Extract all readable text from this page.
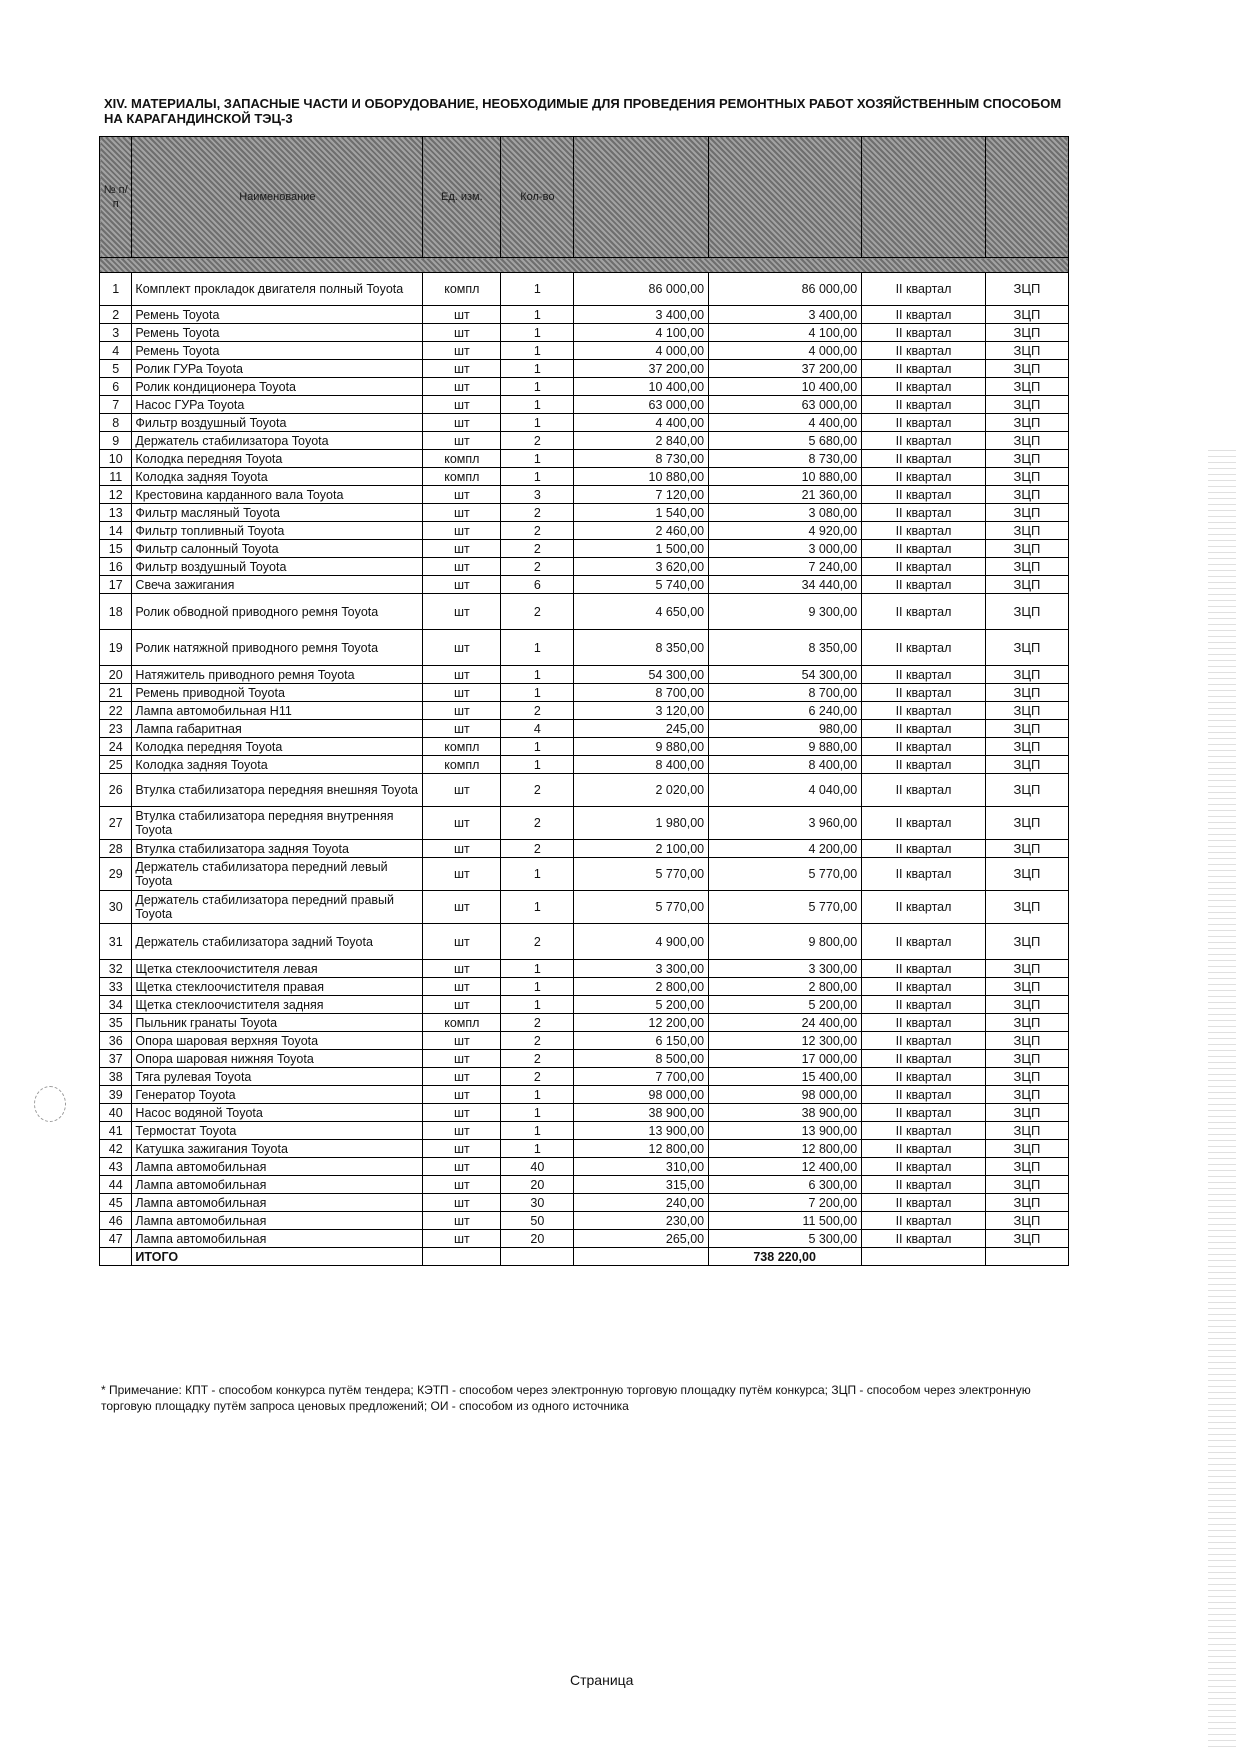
XIV. МАТЕРИАЛЫ, ЗАПАСНЫЕ ЧАСТИ И ОБОРУДОВАНИЕ, НЕОБХОДИМЫЕ ДЛЯ ПРОВЕДЕНИЯ РЕМОНТНЫХ РАБОТ ХОЗЯЙСТВЕННЫМ СПОСОБОМ НА КАРАГАНДИНСКОЙ ТЭЦ-3
№ п/п	Наименование	Ед. изм.	Кол-во				

1	Комплект прокладок двигателя полный Toyota	компл	1	86 000,00	86 000,00	II квартал	ЗЦП
2	Ремень Toyota	шт	1	3 400,00	3 400,00	II квартал	ЗЦП
3	Ремень Toyota	шт	1	4 100,00	4 100,00	II квартал	ЗЦП
4	Ремень Toyota	шт	1	4 000,00	4 000,00	II квартал	ЗЦП
5	Ролик ГУРа Toyota	шт	1	37 200,00	37 200,00	II квартал	ЗЦП
6	Ролик кондиционера Toyota	шт	1	10 400,00	10 400,00	II квартал	ЗЦП
7	Насос ГУРа Toyota	шт	1	63 000,00	63 000,00	II квартал	ЗЦП
8	Фильтр воздушный Toyota	шт	1	4 400,00	4 400,00	II квартал	ЗЦП
9	Держатель стабилизатора Toyota	шт	2	2 840,00	5 680,00	II квартал	ЗЦП
10	Колодка передняя Toyota	компл	1	8 730,00	8 730,00	II квартал	ЗЦП
11	Колодка задняя Toyota	компл	1	10 880,00	10 880,00	II квартал	ЗЦП
12	Крестовина карданного вала Toyota	шт	3	7 120,00	21 360,00	II квартал	ЗЦП
13	Фильтр масляный Toyota	шт	2	1 540,00	3 080,00	II квартал	ЗЦП
14	Фильтр топливный Toyota	шт	2	2 460,00	4 920,00	II квартал	ЗЦП
15	Фильтр салонный Toyota	шт	2	1 500,00	3 000,00	II квартал	ЗЦП
16	Фильтр воздушный Toyota	шт	2	3 620,00	7 240,00	II квартал	ЗЦП
17	Свеча зажигания	шт	6	5 740,00	34 440,00	II квартал	ЗЦП
18	Ролик обводной приводного ремня Toyota	шт	2	4 650,00	9 300,00	II квартал	ЗЦП
19	Ролик натяжной приводного ремня Toyota	шт	1	8 350,00	8 350,00	II квартал	ЗЦП
20	Натяжитель приводного ремня Toyota	шт	1	54 300,00	54 300,00	II квартал	ЗЦП
21	Ремень приводной Toyota	шт	1	8 700,00	8 700,00	II квартал	ЗЦП
22	Лампа автомобильная Н11	шт	2	3 120,00	6 240,00	II квартал	ЗЦП
23	Лампа габаритная	шт	4	245,00	980,00	II квартал	ЗЦП
24	Колодка передняя Toyota	компл	1	9 880,00	9 880,00	II квартал	ЗЦП
25	Колодка задняя Toyota	компл	1	8 400,00	8 400,00	II квартал	ЗЦП
26	Втулка стабилизатора передняя внешняя Toyota	шт	2	2 020,00	4 040,00	II квартал	ЗЦП
27	Втулка стабилизатора передняя внутренняя Toyota	шт	2	1 980,00	3 960,00	II квартал	ЗЦП
28	Втулка стабилизатора задняя Toyota	шт	2	2 100,00	4 200,00	II квартал	ЗЦП
29	Держатель стабилизатора передний левый Toyota	шт	1	5 770,00	5 770,00	II квартал	ЗЦП
30	Держатель стабилизатора передний правый Toyota	шт	1	5 770,00	5 770,00	II квартал	ЗЦП
31	Держатель стабилизатора задний Toyota	шт	2	4 900,00	9 800,00	II квартал	ЗЦП
32	Щетка стеклоочистителя левая	шт	1	3 300,00	3 300,00	II квартал	ЗЦП
33	Щетка стеклоочистителя правая	шт	1	2 800,00	2 800,00	II квартал	ЗЦП
34	Щетка стеклоочистителя задняя	шт	1	5 200,00	5 200,00	II квартал	ЗЦП
35	Пыльник гранаты Toyota	компл	2	12 200,00	24 400,00	II квартал	ЗЦП
36	Опора шаровая верхняя Toyota	шт	2	6 150,00	12 300,00	II квартал	ЗЦП
37	Опора шаровая нижняя Toyota	шт	2	8 500,00	17 000,00	II квартал	ЗЦП
38	Тяга рулевая Toyota	шт	2	7 700,00	15 400,00	II квартал	ЗЦП
39	Генератор Toyota	шт	1	98 000,00	98 000,00	II квартал	ЗЦП
40	Насос водяной Toyota	шт	1	38 900,00	38 900,00	II квартал	ЗЦП
41	Термостат Toyota	шт	1	13 900,00	13 900,00	II квартал	ЗЦП
42	Катушка зажигания Toyota	шт	1	12 800,00	12 800,00	II квартал	ЗЦП
43	Лампа автомобильная	шт	40	310,00	12 400,00	II квартал	ЗЦП
44	Лампа автомобильная	шт	20	315,00	6 300,00	II квартал	ЗЦП
45	Лампа автомобильная	шт	30	240,00	7 200,00	II квартал	ЗЦП
46	Лампа автомобильная	шт	50	230,00	11 500,00	II квартал	ЗЦП
47	Лампа автомобильная	шт	20	265,00	5 300,00	II квартал	ЗЦП
	ИТОГО				738 220,00		
* Примечание: КПТ - способом конкурса путём тендера; КЭТП - способом через электронную торговую площадку путём конкурса; ЗЦП - способом через электронную торговую площадку путём запроса ценовых предложений; ОИ - способом из одного источника
Страница
